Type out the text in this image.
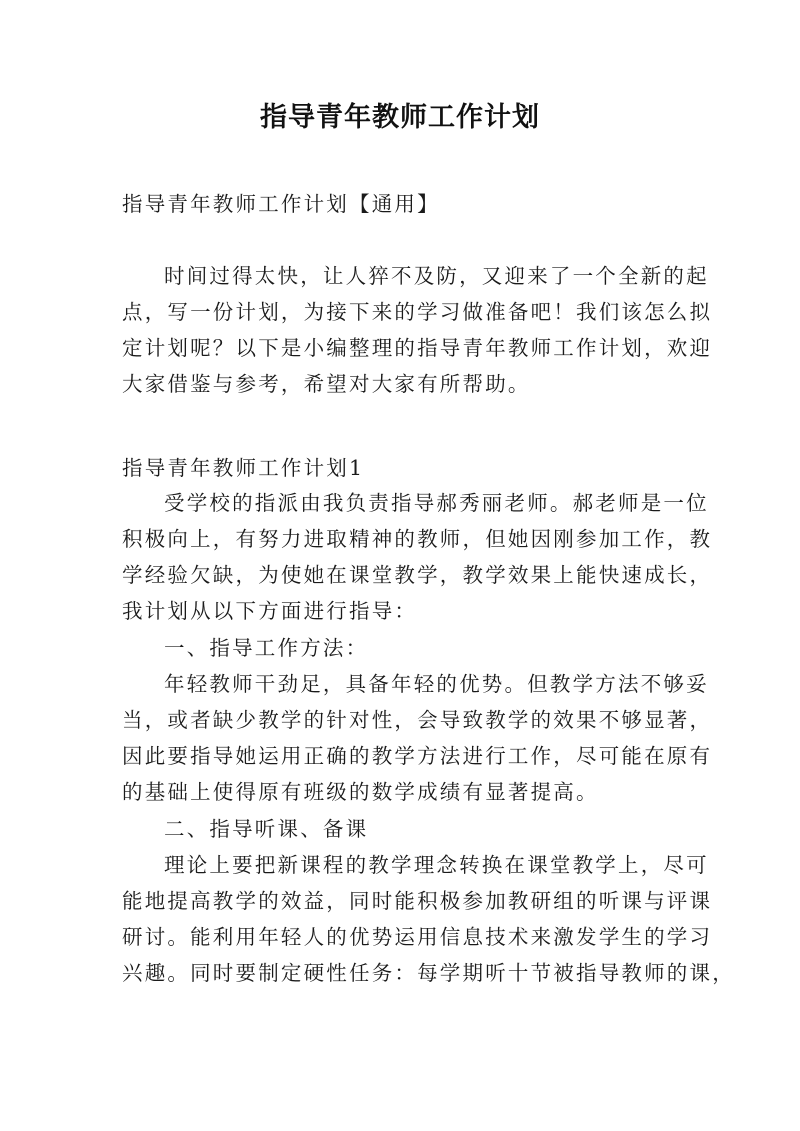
指导青年教师工作计划

指导青年教师工作计划【通用】

时间过得太快，让人猝不及防，又迎来了一个全新的起
点，写一份计划，为接下来的学习做准备吧！我们该怎么拟
定计划呢？以下是小编整理的指导青年教师工作计划，欢迎
大家借鉴与参考，希望对大家有所帮助。

指导青年教师工作计划1

受学校的指派由我负责指导郝秀丽老师。郝老师是一位
积极向上，有努力进取精神的教师，但她因刚参加工作，教
学经验欠缺，为使她在课堂教学，教学效果上能快速成长，
我计划从以下方面进行指导：

一、指导工作方法：

年轻教师干劲足，具备年轻的优势。但教学方法不够妥
当，或者缺少教学的针对性，会导致教学的效果不够显著，
因此要指导她运用正确的教学方法进行工作，尽可能在原有
的基础上使得原有班级的数学成绩有显著提高。

二、指导听课、备课

理论上要把新课程的教学理念转换在课堂教学上，尽可
能地提高教学的效益，同时能积极参加教研组的听课与评课
研讨。能利用年轻人的优势运用信息技术来激发学生的学习
兴趣。同时要制定硬性任务：每学期听十节被指导教师的课，
